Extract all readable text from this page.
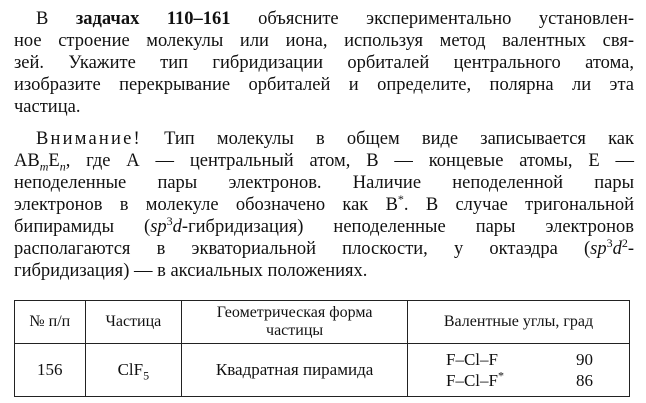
В задачах 110–161 объясните экспериментально установлен-
ное строение молекулы или иона, используя метод валентных свя-
зей. Укажите тип гибридизации орбиталей центрального атома,
изобразите перекрывание орбиталей и определите, полярна ли эта
частица.
Внимание! Тип молекулы в общем виде записывается как
$AB_mE_n$, где А — центральный атом, В — концевые атомы, Е —
неподеленные пары электронов. Наличие неподеленной пары
электронов в молекуле обозначено как В*. В случае тригональной
бипирамиды $(sp^3d-гибридизация)$ неподеленные пары электронов
располагаются в экваториальной плоскости, у октаэдра ($sp^3d^2-$
гибридизация) — в аксиальных положениях.
№ п/п	Частица	Геометрическая форма
частицы	Валентные углы, град
156	ClF$_5$	Квадратная пирамида	F–Cl–F 90
F–Cl–F* 86
